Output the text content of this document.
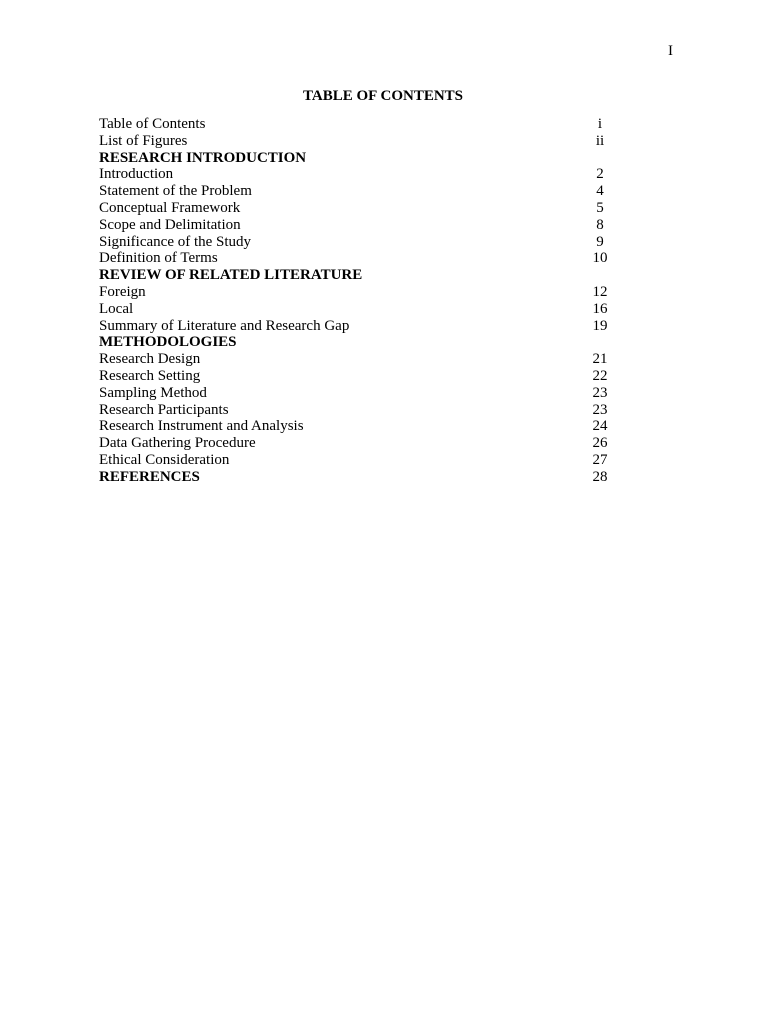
I
TABLE OF CONTENTS
Table of Contents	i
List of Figures	ii
RESEARCH INTRODUCTION
Introduction	2
Statement of the Problem	4
Conceptual Framework	5
Scope and Delimitation	8
Significance of the Study	9
Definition of Terms	10
REVIEW OF RELATED LITERATURE
Foreign	12
Local	16
Summary of Literature and Research Gap	19
METHODOLOGIES
Research Design	21
Research Setting	22
Sampling Method	23
Research Participants	23
Research Instrument and Analysis	24
Data Gathering Procedure	26
Ethical Consideration	27
REFERENCES	28
